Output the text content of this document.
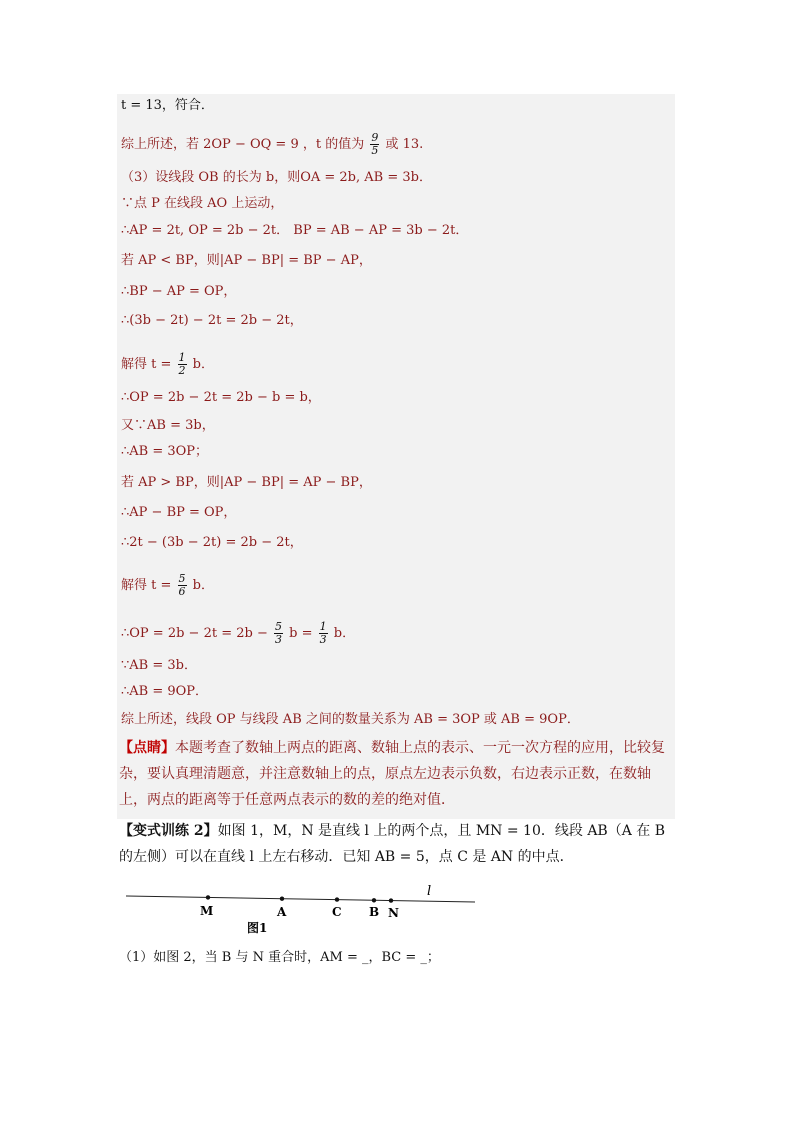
t = 13，符合．
综上所述，若 2OP − OQ = 9 ，t 的值为 $\frac{9}{5}$ 或 13.
（3）设线段 OB 的长为 b，则OA = 2b, AB = 3b．
∵点 P 在线段 AO 上运动，
∴AP = 2t, OP = 2b − 2t． BP = AB − AP = 3b − 2t．
若 AP < BP，则|AP − BP| = BP − AP，
∴BP − AP = OP，
∴(3b − 2t) − 2t = 2b − 2t，
解得 $t = \frac{1}{2}$ b．
∴OP = 2b − 2t = 2b − b = b，
又∵AB = 3b，
∴AB = 3OP；
若 AP > BP，则|AP − BP| = AP − BP，
∴AP − BP = OP，
∴2t − (3b − 2t) = 2b − 2t，
解得 $t = \frac{5}{6}$ b．
∴OP = $2b - 2t = 2b - \frac{5}{3}$ $b = \frac{1}{3}$ b．
∵AB = 3b．
∴AB = 9OP．
综上所述，线段 OP 与线段 AB 之间的数量关系为 AB = 3OP 或 AB = 9OP．
【点睛】本题考查了数轴上两点的距离、数轴上点的表示、一元一次方程的应用，比较复杂，要认真理清题意，并注意数轴上的点，原点左边表示负数，右边表示正数，在数轴上，两点的距离等于任意两点表示的数的差的绝对值．
【变式训练 2】如图 1，M，N 是直线 l 上的两个点，且 MN = 10．线段 AB（A 在 B 的左侧）可以在直线 l 上左右移动．已知 AB = 5，点 C 是 AN 的中点．
l
M	A	C B N
图1
（1）如图 2，当 B 与 N 重合时，AM = _，BC = _；
